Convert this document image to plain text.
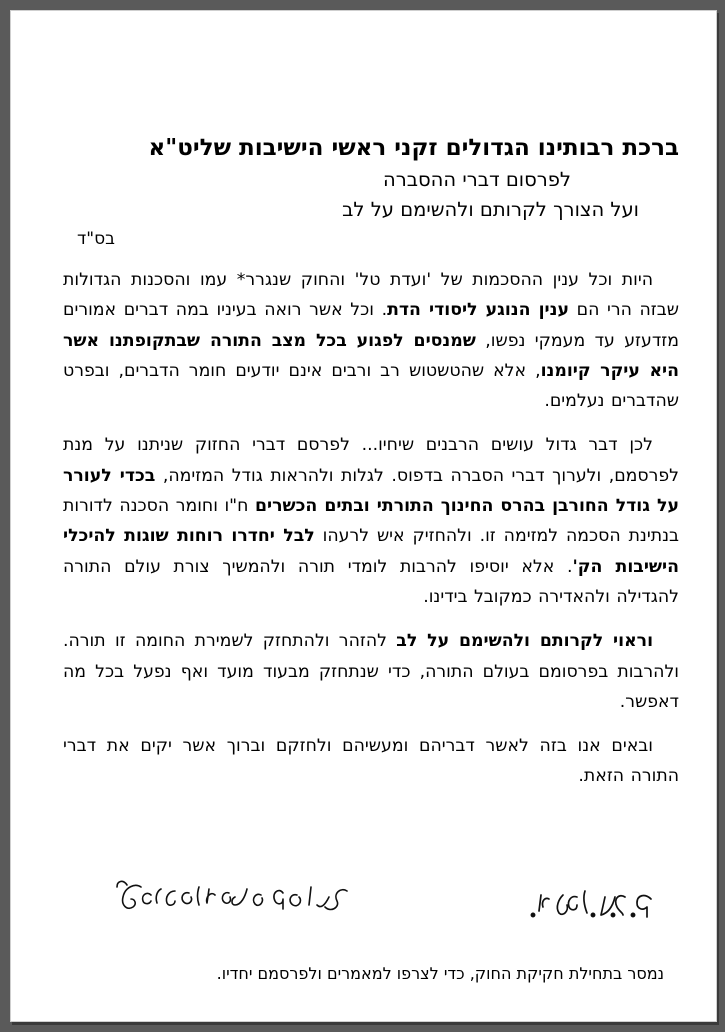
ברכת רבותינו הגדולים זקני ראשי הישיבות שליט"א

לפרסום דברי ההסברה

ועל הצורך לקרותם ולהשימם על לב

בס"ד

היות וכל ענין ההסכמות של 'ועדת טל' והחוק שנגרר* עמו והסכנות הגדולות שבזה הרי הם ענין הנוגע ליסודי הדת. וכל אשר רואה בעיניו במה דברים אמורים מזדעזע עד מעמקי נפשו, שמנסים לפגוע בכל מצב התורה שבתקופתנו אשר היא עיקר קיומנו, אלא שהטשטוש רב ורבים אינם יודעים חומר הדברים, ובפרט שהדברים נעלמים.

לכן דבר גדול עושים הרבנים שיחיו... לפרסם דברי החזוק שניתנו על מנת לפרסמם, ולערוך דברי הסברה בדפוס. לגלות ולהראות גודל המזימה, בכדי לעורר על גודל החורבן בהרס החינוך התורתי ובתים הכשרים ח"ו וחומר הסכנה לדורות בנתינת הסכמה למזימה זו. ולהחזיק איש לרעהו לבל יחדרו רוחות שוגות להיכלי הישיבות הק'. אלא יוסיפו להרבות לומדי תורה ולהמשיך צורת עולם התורה להגדילה ולהאדירה כמקובל בידינו.

וראוי לקרותם ולהשימם על לב להזהר ולהתחזק לשמירת החומה זו תורה. ולהרבות בפרסומם בעולם התורה, כדי שנתחזק מבעוד מועד ואף נפעל בכל מה דאפשר.

ובאים אנו בזה לאשר דבריהם ומעשיהם ולחזקם וברוך אשר יקים את דברי התורה הזאת.

נמסר בתחילת חקיקת החוק, כדי לצרפו למאמרים ולפרסמם יחדיו.
